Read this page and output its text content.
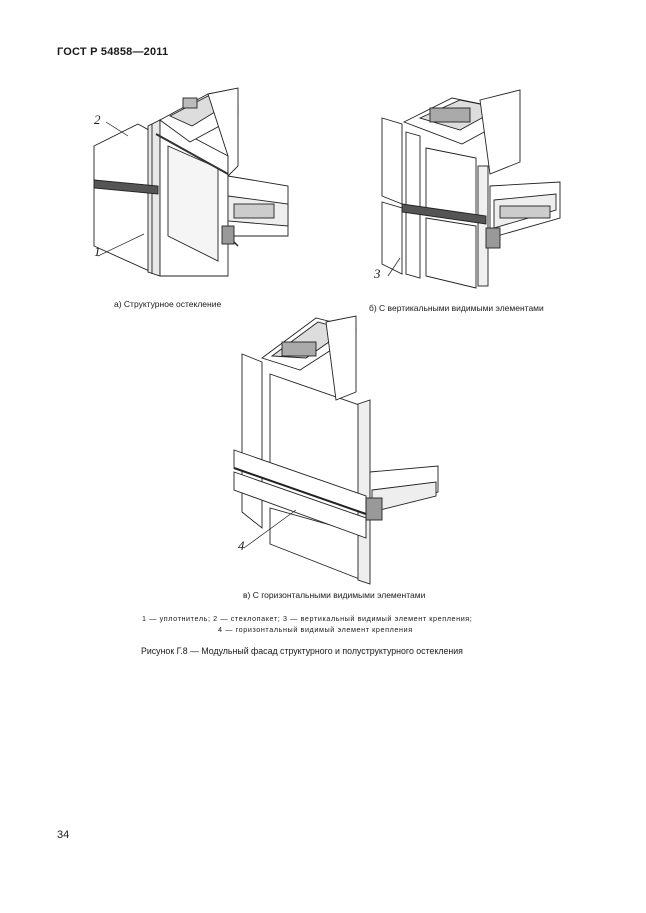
ГОСТ Р 54858—2011
2
1
а) Структурное остекление
3
б) С вертикальными видимыми элементами
4
в) С горизонтальными видимыми элементами
1 — уплотнитель; 2 — стеклопакет; 3 — вертикальный видимый элемент крепления;
4 — горизонтальный видимый элемент крепления
Рисунок Г.8 — Модульный фасад структурного и полуструктурного остекления
34
